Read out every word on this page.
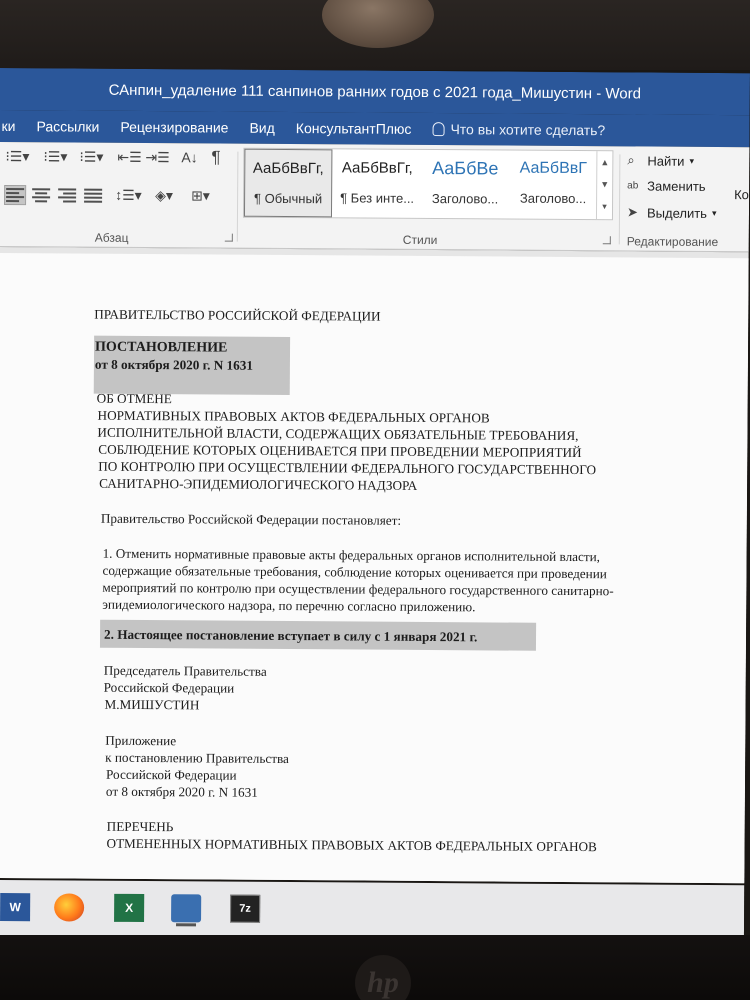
САнпин_удаление 111 санпинов ранних годов с 2021 года_Мишустин - Word
ки Рассылки Рецензирование Вид КонсультантПлюс	Что вы хотите сделать?
⁝☰▾ ⁝☰▾ ⁝☰▾ ⇤☰ ⇥☰ A↓ ¶
↕☰▾ ◈▾ ⊞▾
Абзац
АаБбВвГг,
¶ Обычный
АаБбВвГг,
¶ Без инте...
АаБбВе
Заголово...
АаБбВвГ
Заголово...
▲
▼
▾
Стили
⌕ Найти ▾
ab Заменить
➤ Выделить ▾
Редактирование
Ко
ПРАВИТЕЛЬСТВО РОССИЙСКОЙ ФЕДЕРАЦИИ
ПОСТАНОВЛЕНИЕ
от 8 октября 2020 г. N 1631
ОБ ОТМЕНЕ
НОРМАТИВНЫХ ПРАВОВЫХ АКТОВ ФЕДЕРАЛЬНЫХ ОРГАНОВ
ИСПОЛНИТЕЛЬНОЙ ВЛАСТИ, СОДЕРЖАЩИХ ОБЯЗАТЕЛЬНЫЕ ТРЕБОВАНИЯ,
СОБЛЮДЕНИЕ КОТОРЫХ ОЦЕНИВАЕТСЯ ПРИ ПРОВЕДЕНИИ МЕРОПРИЯТИЙ
ПО КОНТРОЛЮ ПРИ ОСУЩЕСТВЛЕНИИ ФЕДЕРАЛЬНОГО ГОСУДАРСТВЕННОГО
САНИТАРНО-ЭПИДЕМИОЛОГИЧЕСКОГО НАДЗОРА
Правительство Российской Федерации постановляет:
1. Отменить нормативные правовые акты федеральных органов исполнительной власти,
содержащие обязательные требования, соблюдение которых оценивается при проведении
мероприятий по контролю при осуществлении федерального государственного санитарно-
эпидемиологического надзора, по перечню согласно приложению.
2. Настоящее постановление вступает в силу с 1 января 2021 г.
Председатель Правительства
Российской Федерации
М.МИШУСТИН
Приложение
к постановлению Правительства
Российской Федерации
от 8 октября 2020 г. N 1631
ПЕРЕЧЕНЬ
ОТМЕНЕННЫХ НОРМАТИВНЫХ ПРАВОВЫХ АКТОВ ФЕДЕРАЛЬНЫХ ОРГАНОВ
W	X	7z
hp
